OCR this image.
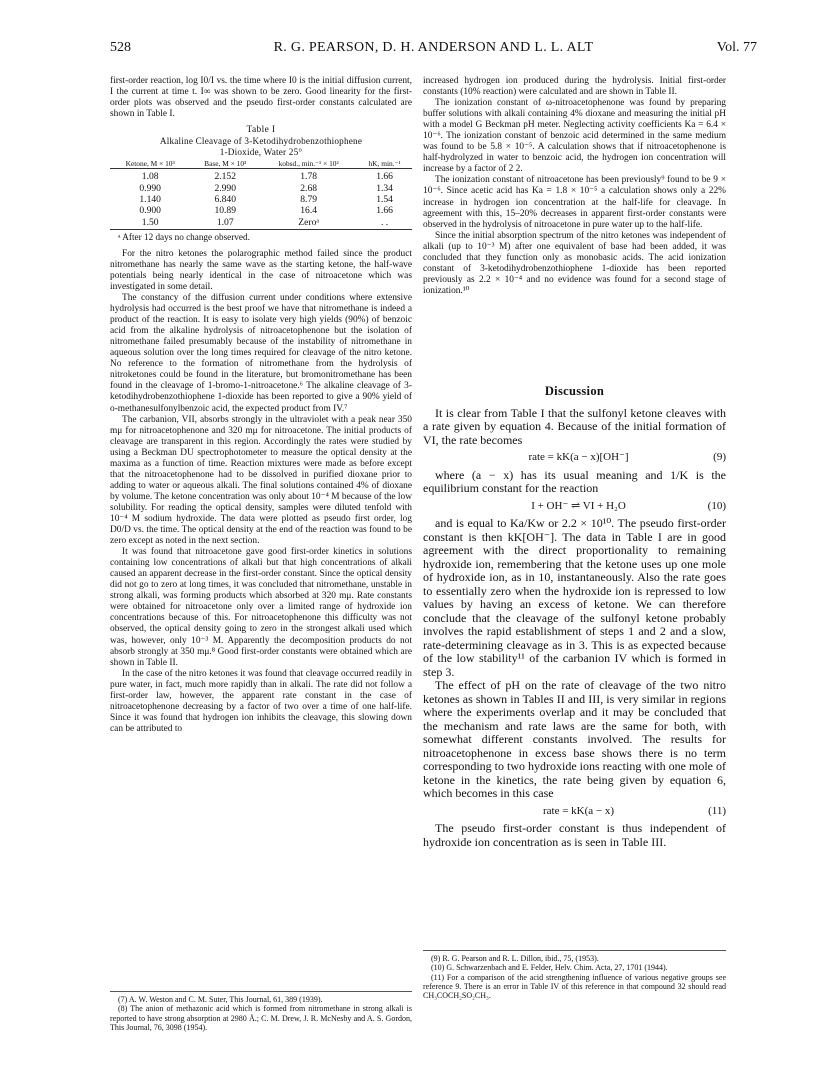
528	R. G. PEARSON, D. H. ANDERSON AND L. L. ALT	Vol. 77

first-order reaction, log I0/I vs. the time where I0 is the initial diffusion current, I the current at time t. I∞ was shown to be zero. Good linearity for the first-order plots was observed and the pseudo first-order constants calculated are shown in Table I.

Table I
Alkaline Cleavage of 3-Ketodihydrobenzothiophene
1-Dioxide, Water 25°
Ketone, M × 10³	Base, M × 10³	kobsd., min.⁻¹ × 10²	hK, min.⁻¹
1.08	2.152	1.78	1.66
0.990	2.990	2.68	1.34
1.140	6.840	8.79	1.54
0.900	10.89	16.4	1.66
1.50	1.07	Zeroᵃ	. .
ᵃ After 12 days no change observed.

For the nitro ketones the polarographic method failed since the product nitromethane has nearly the same wave as the starting ketone, the half-wave potentials being nearly identical in the case of nitroacetone which was investigated in some detail.

The constancy of the diffusion current under conditions where extensive hydrolysis had occurred is the best proof we have that nitromethane is indeed a product of the reaction. It is easy to isolate very high yields (90%) of benzoic acid from the alkaline hydrolysis of nitroacetophenone but the isolation of nitromethane failed presumably because of the instability of nitromethane in aqueous solution over the long times required for cleavage of the nitro ketone. No reference to the formation of nitromethane from the hydrolysis of nitroketones could be found in the literature, but bromonitromethane has been found in the cleavage of 1-bromo-1-nitroacetone.⁶ The alkaline cleavage of 3-ketodihydrobenzothiophene 1-dioxide has been reported to give a 90% yield of o-methanesulfonylbenzoic acid, the expected product from IV.⁷

The carbanion, VII, absorbs strongly in the ultraviolet with a peak near 350 mμ for nitroacetophenone and 320 mμ for nitroacetone. The initial products of cleavage are transparent in this region. Accordingly the rates were studied by using a Beckman DU spectrophotometer to measure the optical density at the maxima as a function of time. Reaction mixtures were made as before except that the nitroacetophenone had to be dissolved in purified dioxane prior to adding to water or aqueous alkali. The final solutions contained 4% of dioxane by volume. The ketone concentration was only about 10⁻⁴ M because of the low solubility. For reading the optical density, samples were diluted tenfold with 10⁻⁴ M sodium hydroxide. The data were plotted as pseudo first order, log D0/D vs. the time. The optical density at the end of the reaction was found to be zero except as noted in the next section.

It was found that nitroacetone gave good first-order kinetics in solutions containing low concentrations of alkali but that high concentrations of alkali caused an apparent decrease in the first-order constant. Since the optical density did not go to zero at long times, it was concluded that nitromethane, unstable in strong alkali, was forming products which absorbed at 320 mμ. Rate constants were obtained for nitroacetone only over a limited range of hydroxide ion concentrations because of this. For nitroacetophenone this difficulty was not observed, the optical density going to zero in the strongest alkali used which was, however, only 10⁻³ M. Apparently the decomposition products do not absorb strongly at 350 mμ.⁸ Good first-order constants were obtained which are shown in Table II.

In the case of the nitro ketones it was found that cleavage occurred readily in pure water, in fact, much more rapidly than in alkali. The rate did not follow a first-order law, however, the apparent rate constant in the case of nitroacetophenone decreasing by a factor of two over a time of one half-life. Since it was found that hydrogen ion inhibits the cleavage, this slowing down can be attributed to

(7) A. W. Weston and C. M. Suter, This Journal, 61, 389 (1939).

(8) The anion of methazonic acid which is formed from nitromethane in strong alkali is reported to have strong absorption at 2980 Å.; C. M. Drew, J. R. McNesby and A. S. Gordon, This Journal, 76, 3098 (1954).

increased hydrogen ion produced during the hydrolysis. Initial first-order constants (10% reaction) were calculated and are shown in Table II.

The ionization constant of ω-nitroacetophenone was found by preparing buffer solutions with alkali containing 4% dioxane and measuring the initial pH with a model G Beckman pH meter. Neglecting activity coefficients Ka = 6.4 × 10⁻⁶. The ionization constant of benzoic acid determined in the same medium was found to be 5.8 × 10⁻⁵. A calculation shows that if nitroacetophenone is half-hydrolyzed in water to benzoic acid, the hydrogen ion concentration will increase by a factor of 2 2.

The ionization constant of nitroacetone has been previously⁹ found to be 9 × 10⁻⁶. Since acetic acid has Ka = 1.8 × 10⁻⁵ a calculation shows only a 22% increase in hydrogen ion concentration at the half-life for cleavage. In agreement with this, 15–20% decreases in apparent first-order constants were observed in the hydrolysis of nitroacetone in pure water up to the half-life.

Since the initial absorption spectrum of the nitro ketones was independent of alkali (up to 10⁻³ M) after one equivalent of base had been added, it was concluded that they function only as monobasic acids. The acid ionization constant of 3-ketodihydrobenzothiophene 1-dioxide has been reported previously as 2.2 × 10⁻⁴ and no evidence was found for a second stage of ionization.¹⁰

Discussion

It is clear from Table I that the sulfonyl ketone cleaves with a rate given by equation 4. Because of the initial formation of VI, the rate becomes

rate = kK(a − x)[OH⁻]	(9)

where (a − x) has its usual meaning and 1/K is the equilibrium constant for the reaction

I + OH⁻ ⇌ VI + H₂O	(10)

and is equal to Ka/Kw or 2.2 × 10¹⁰. The pseudo first-order constant is then kK[OH⁻]. The data in Table I are in good agreement with the direct proportionality to remaining hydroxide ion, remembering that the ketone uses up one mole of hydroxide ion, as in 10, instantaneously. Also the rate goes to essentially zero when the hydroxide ion is repressed to low values by having an excess of ketone. We can therefore conclude that the cleavage of the sulfonyl ketone probably involves the rapid establishment of steps 1 and 2 and a slow, rate-determining cleavage as in 3. This is as expected because of the low stability¹¹ of the carbanion IV which is formed in step 3.

The effect of pH on the rate of cleavage of the two nitro ketones as shown in Tables II and III, is very similar in regions where the experiments overlap and it may be concluded that the mechanism and rate laws are the same for both, with somewhat different constants involved. The results for nitroacetophenone in excess base shows there is no term corresponding to two hydroxide ions reacting with one mole of ketone in the kinetics, the rate being given by equation 6, which becomes in this case

rate = kK(a − x)	(11)

The pseudo first-order constant is thus independent of hydroxide ion concentration as is seen in Table III.

(9) R. G. Pearson and R. L. Dillon, ibid., 75, (1953).

(10) G. Schwarzenbach and E. Felder, Helv. Chim. Acta, 27, 1701 (1944).

(11) For a comparison of the acid strengthening influence of various negative groups see reference 9. There is an error in Table IV of this reference in that compound 32 should read CH₃COCH₂SO₂CH₃.
